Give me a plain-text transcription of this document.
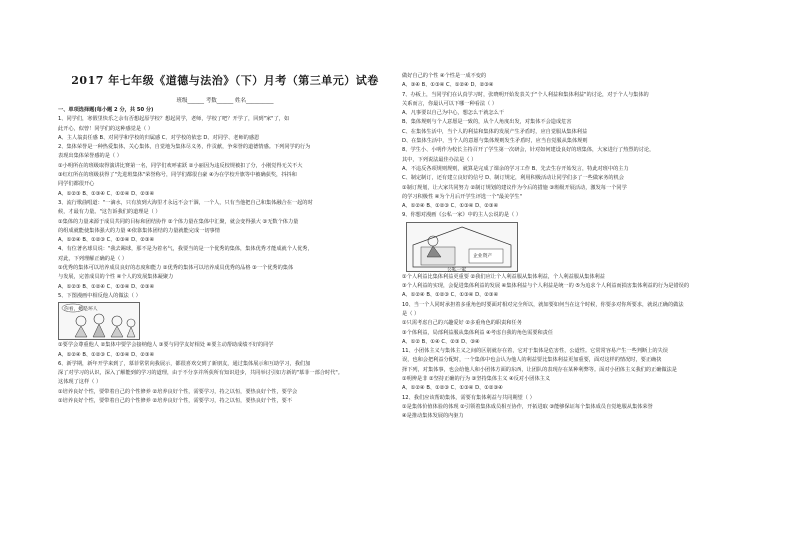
2017 年七年级《道德与法治》（下）月考（第三单元）试卷
班级______ 考数______ 姓名__________
一、单项选择题(每小题 2 分，共 50 分)
1、同学们，寒假里快乐之余有否想起原学校？想起同学，老师，学校了吧？开学了，回到"家"了，如
此开心，似曾！同学们的这种感觉是（ ）
A、主人翁责任感 B、对同学和学校的归属感 C、对学校的依恋 D、对同学、老师的感恩
2、集体荣誉是一种热爱集体，关心集体，自觉地为集体尽义务，作贡献，争荣誉的道德情感。下列同学的行为
表现出集体荣誉感的是（ ）
①小明所在的班级取得演讲比赛第一名，同学们欢呼雀跃 ②小丽因为违反校规被扣了分，小刚觉得无关不大
③红红所在的班级获得了"先进班集体"荣誉称号，同学们都很自豪 ④为在学校升旗等中被确获奖，抖抖和
同学们都很开心
A、①②③ B、①③④ C、①②④ D、②③④
3、流行歌曲唱道："一滴水，只有放到大海里才永远不会干涸，一个人，只有当他把自己和集体融合在一起的时
候，才最有力量。"这告诉我们的道理是（ ）
①集体的力量来源于成员共同的目标和团结协作 ②个体力量在集体中汇聚，就会变得强大 ③无数个体力量
的组成就能使集体强大的力量 ④依靠集体团结的力量就能完成一切事情
A、①②④ B、①②③ C、①③④ D、②③④
4、有位著名球员说："我去踢球，那不是为着名气，我要当的是一个优秀的集体，集体优秀才能成就个人优秀，
对此，下列理解正确的是（ ）
①优秀的集体可以培养成员良好的态度和能力 ②优秀的集体可以培养成员优秀的品格 ③一个优秀的集体
与发展，完善成员的个性 ④个人的发展集体凝聚力
A、①②③ B、①②④ C、①③④ D、②③④
5、下图漫画中相反他人的做法（ ）
你看，她是坏人
①要学会尊重他人 ②集体中要学会接纳他人 ③要与同学友好相处 ④要主动帮助成绩不好的同学
A、①②④ B、①②③ C、①③④ D、②③④
6、新学期，新年开学来到了，慕菲常常向我展示，都很喜欢交到了新朋友，通过集体展示和互助学习，我们加
深了对学习的认识，深入了解能到的学习的道理，由于不分享并所获所有知识进步，共同举讨引如方新的"慕菲一部合时代"。
这体现了这样（ ）
①培养良好个性，要带着自己的个性修养 ②培养良好个性，需要学习，持之以恒，要热良好个性，要学会
①培养良好个性，要带着自己的个性修养 ②培养良好个性，需要学习，持之以恒，要热良好个性，要不
做好自己的个性 ④个性是一成不变的
A、③④ B、①③④ C、①②④ D、②③④
7、办板上，当同学们在认真学习时，张晓明开始发表关于"个人利益和集体利益"的讨论，对于个人与集体的
关系而言，你最认可以下哪一种看法（ ）
A、凡事要以自己为中心，想怎么干就怎么干
B、集体规则与个人意愿是一致的，从个人角度出发，对集体不会造成危害
C、在集体生活中，当个人的利益和集体的发展产生矛盾时，应自觉服从集体利益
D、在集体生活中，当个人的意愿与集体规则发生矛盾时，应当自觉服从集体规则
8、学生小、小明作为校长主持召开了学生第一次研会，针对如何建设良好的班集体，大家进行了热烈的讨论，
其中，下列说法最佳办法是（ ）
A、不违反各项规则规则，就算是完成了课余的学习工作 B、先去生存开始发言，特此对班中的主力
C、制定制订，还有建立良好的信号 D、制订规定，利用积极活动让同学们多了一些做家务的机会
①制订规划，让大家共同努力 ②制订规划的建议作为今后的措施 ③班级开展活动，激发每一个同学
的学习积极性 ④为个月后开学生评选一个"最美学生"
A、①②④ B、①②③ C、①③④ D、②③④
9、你想对漫画《公私一家》中的主人公说的是（ ）
公私一家
企业资产
①个人利益比集体利益更重要 ②我们应让个人利益服从集体利益，个人利益服从集体利益
③个人利益的实现，会促进集体利益的发展 ④集体利益与个人利益是统一的 ⑤为追求个人利益而损害集体利益的行为是错误的
A、①②④ B、①②③ C、①③④ D、②③④
10、当一个人同时承担着多重角色时要面对相对完全所以，就如要如何当在这个时候，你要多对你所要求，就说正确的做法
是（ ）
①只需考虑自己的兴趣爱好 ②多重角色的职责和任务
③个体利益，局部利益服从集体利益 ④考虑自我的角色需要和责任
A、①② B、①④ C、②③ D、③④
11、小团体主义与集体主义之间的区别就存在着，它对于集体是危害性，公道性。它常常容易产生一些判断上的失误
误，也和会把利益分配时，一个集体中也会认为他人的利益要比集体利益更加重要，面对这样的情况时，要正确抉
择下列，对集体事，也会给他人和小团体方面的东西，让团队的表现存在某种利弊等。面对小团体主义我们的正确做法是
①明辨是非 ②坚持正确的行为 ③坚持集体主义 ④反对小团体主义
A、①②④ B、①②③ C、①③④ D、①②③④
12、我们应该帮助集体，需要有集体利益与共同期望（ ）
①是集体价值体验的体现 ②引领着集体成员相互协作，开拓进取 ③能够保证每个集体成员自觉地服从集体荣誉
④是推动集体发展的内驱力
